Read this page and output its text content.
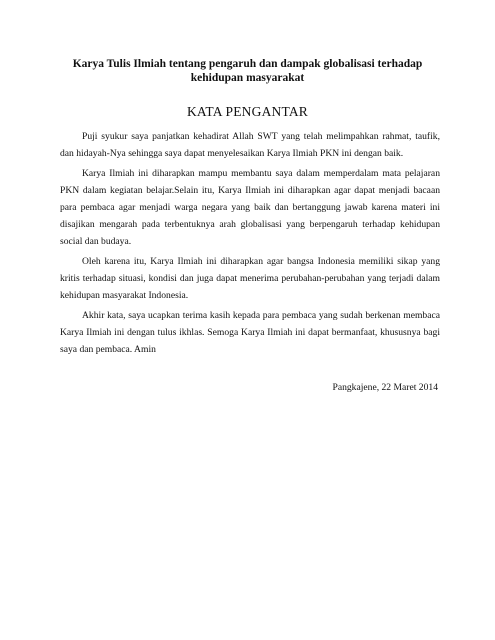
Karya Tulis Ilmiah tentang pengaruh dan dampak globalisasi terhadap
kehidupan masyarakat
KATA PENGANTAR

Puji syukur saya panjatkan kehadirat Allah SWT yang telah melimpahkan rahmat, taufik, dan hidayah-Nya sehingga saya dapat menyelesaikan Karya Ilmiah PKN ini dengan baik.

Karya Ilmiah ini diharapkan mampu membantu saya dalam memperdalam mata pelajaran PKN dalam kegiatan belajar.Selain itu, Karya Ilmiah ini diharapkan agar dapat menjadi bacaan para pembaca agar menjadi warga negara yang baik dan bertanggung jawab karena materi ini disajikan mengarah pada terbentuknya arah globalisasi yang berpengaruh terhadap kehidupan social dan budaya.

Oleh karena itu, Karya Ilmiah ini diharapkan agar bangsa Indonesia memiliki sikap yang kritis terhadap situasi, kondisi dan juga dapat menerima perubahan-perubahan yang terjadi dalam kehidupan masyarakat Indonesia.

Akhir kata, saya ucapkan terima kasih kepada para pembaca yang sudah berkenan membaca Karya Ilmiah ini dengan tulus ikhlas. Semoga Karya Ilmiah ini dapat bermanfaat, khususnya bagi saya dan pembaca. Amin

Pangkajene, 22 Maret 2014
